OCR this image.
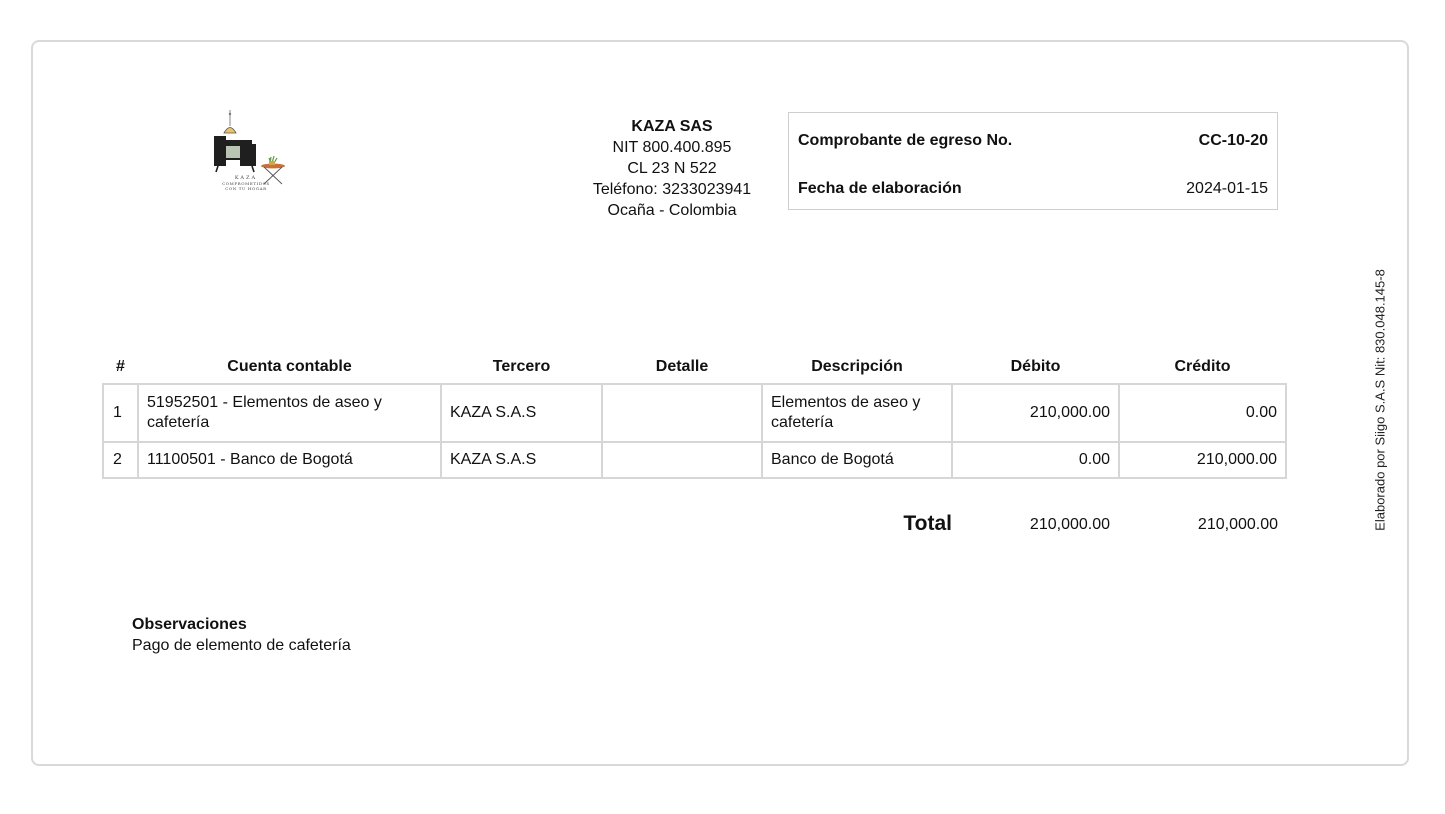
KAZA
COMPROMETIDOS
CON TU HOGAR
KAZA SAS
NIT 800.400.895
CL 23 N 522
Teléfono: 3233023941
Ocaña - Colombia
Comprobante de egreso No.	CC-10-20
Fecha de elaboración	2024-01-15
#	Cuenta contable	Tercero	Detalle	Descripción	Débito	Crédito
1	51952501 - Elementos de aseo y cafetería	KAZA S.A.S		Elementos de aseo y cafetería	210,000.00	0.00
2	11100501 - Banco de Bogotá	KAZA S.A.S		Banco de Bogotá	0.00	210,000.00
Total	210,000.00	210,000.00
Observaciones
Pago de elemento de cafetería
Elaborado por Siigo S.A.S Nit: 830.048.145-8
